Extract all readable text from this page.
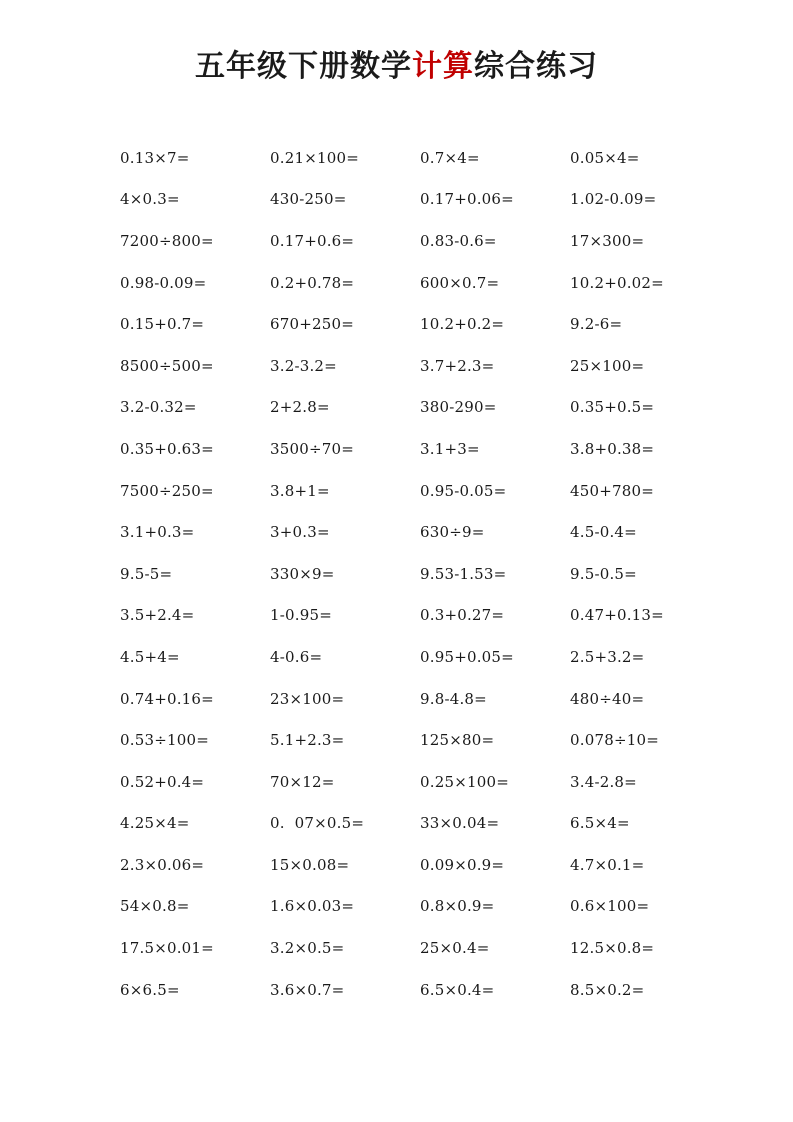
五年级下册数学计算综合练习
0.13×7=	0.21×100=	0.7×4=	0.05×4=
4×0.3=	430-250=	0.17+0.06=	1.02-0.09=
7200÷800=	0.17+0.6=	0.83-0.6=	17×300=
0.98-0.09=	0.2+0.78=	600×0.7=	10.2+0.02=
0.15+0.7=	670+250=	10.2+0.2=	9.2-6=
8500÷500=	3.2-3.2=	3.7+2.3=	25×100=
3.2-0.32=	2+2.8=	380-290=	0.35+0.5=
0.35+0.63=	3500÷70=	3.1+3=	3.8+0.38=
7500÷250=	3.8+1=	0.95-0.05=	450+780=
3.1+0.3=	3+0.3=	630÷9=	4.5-0.4=
9.5-5=	330×9=	9.53-1.53=	9.5-0.5=
3.5+2.4=	1-0.95=	0.3+0.27=	0.47+0.13=
4.5+4=	4-0.6=	0.95+0.05=	2.5+3.2=
0.74+0.16=	23×100=	9.8-4.8=	480÷40=
0.53÷100=	5.1+2.3=	125×80=	0.078÷10=
0.52+0.4=	70×12=	0.25×100=	3.4-2.8=
4.25×4=	0.  07×0.5=	33×0.04=	6.5×4=
2.3×0.06=	15×0.08=	0.09×0.9=	4.7×0.1=
54×0.8=	1.6×0.03=	0.8×0.9=	0.6×100=
17.5×0.01=	3.2×0.5=	25×0.4=	12.5×0.8=
6×6.5=	3.6×0.7=	6.5×0.4=	8.5×0.2=
